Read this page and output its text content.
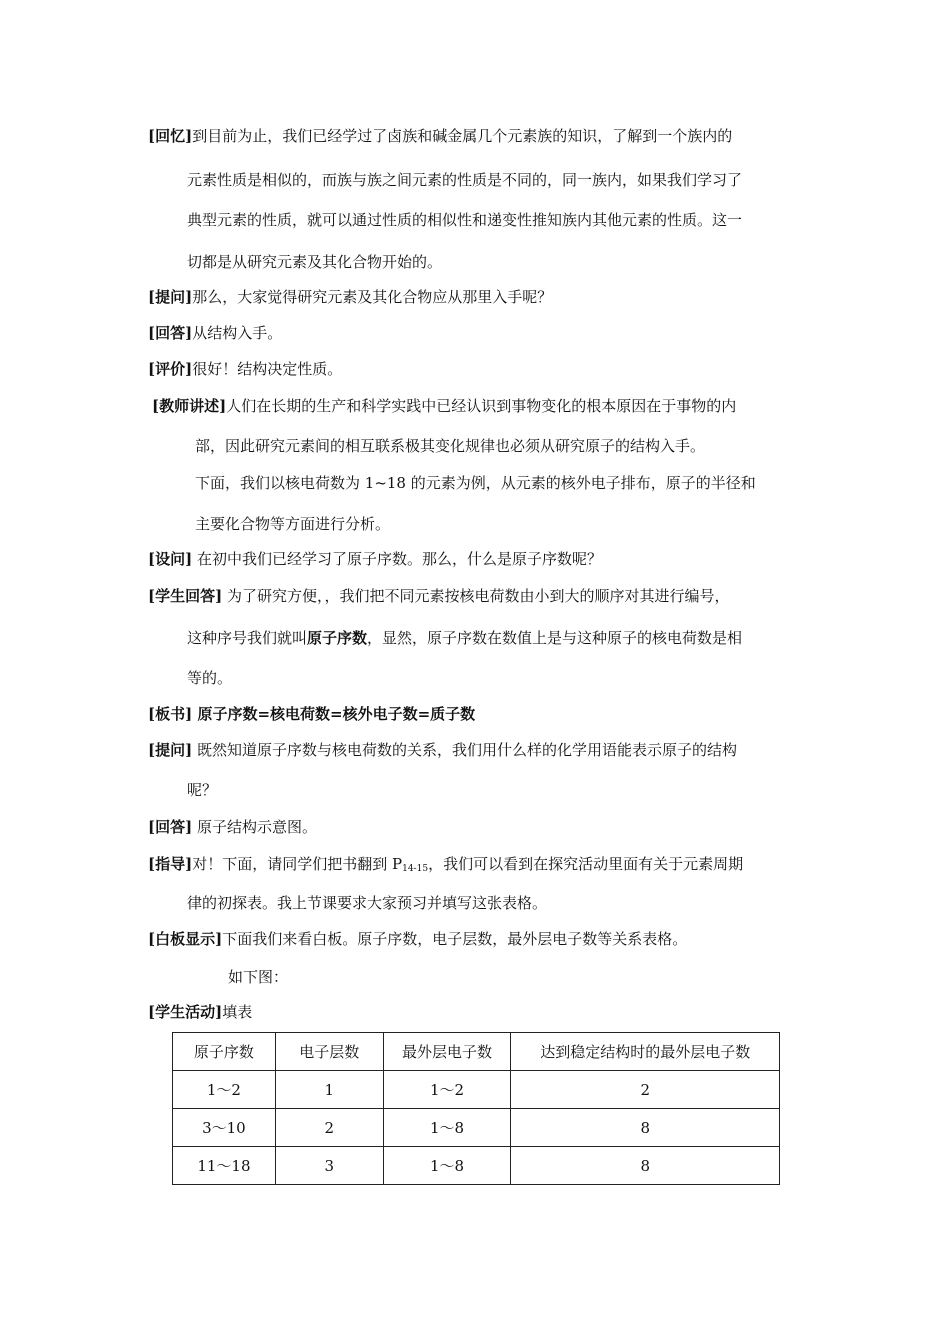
[回忆]到目前为止，我们已经学过了卤族和碱金属几个元素族的知识，了解到一个族内的
元素性质是相似的，而族与族之间元素的性质是不同的，同一族内，如果我们学习了
典型元素的性质，就可以通过性质的相似性和递变性推知族内其他元素的性质。这一
切都是从研究元素及其化合物开始的。
[提问]那么，大家觉得研究元素及其化合物应从那里入手呢？
[回答]从结构入手。
[评价]很好！结构决定性质。
[教师讲述]人们在长期的生产和科学实践中已经认识到事物变化的根本原因在于事物的内
部，因此研究元素间的相互联系极其变化规律也必须从研究原子的结构入手。
下面，我们以核电荷数为 1~18 的元素为例，从元素的核外电子排布，原子的半径和
主要化合物等方面进行分析。
[设问] 在初中我们已经学习了原子序数。那么，什么是原子序数呢？
[学生回答] 为了研究方便，，我们把不同元素按核电荷数由小到大的顺序对其进行编号，
这种序号我们就叫原子序数，显然，原子序数在数值上是与这种原子的核电荷数是相
等的。
[板书] 原子序数=核电荷数=核外电子数=质子数
[提问] 既然知道原子序数与核电荷数的关系，我们用什么样的化学用语能表示原子的结构
呢？
[回答] 原子结构示意图。
[指导]对！下面，请同学们把书翻到 $P_{14-15}$，我们可以看到在探究活动里面有关于元素周期
律的初探表。我上节课要求大家预习并填写这张表格。
[白板显示]下面我们来看白板。原子序数，电子层数，最外层电子数等关系表格。
如下图：
[学生活动]填表
原子序数	电子层数	最外层电子数	达到稳定结构时的最外层电子数
1～2	1	1～2	2
3～10	2	1～8	8
11～18	3	1～8	8
